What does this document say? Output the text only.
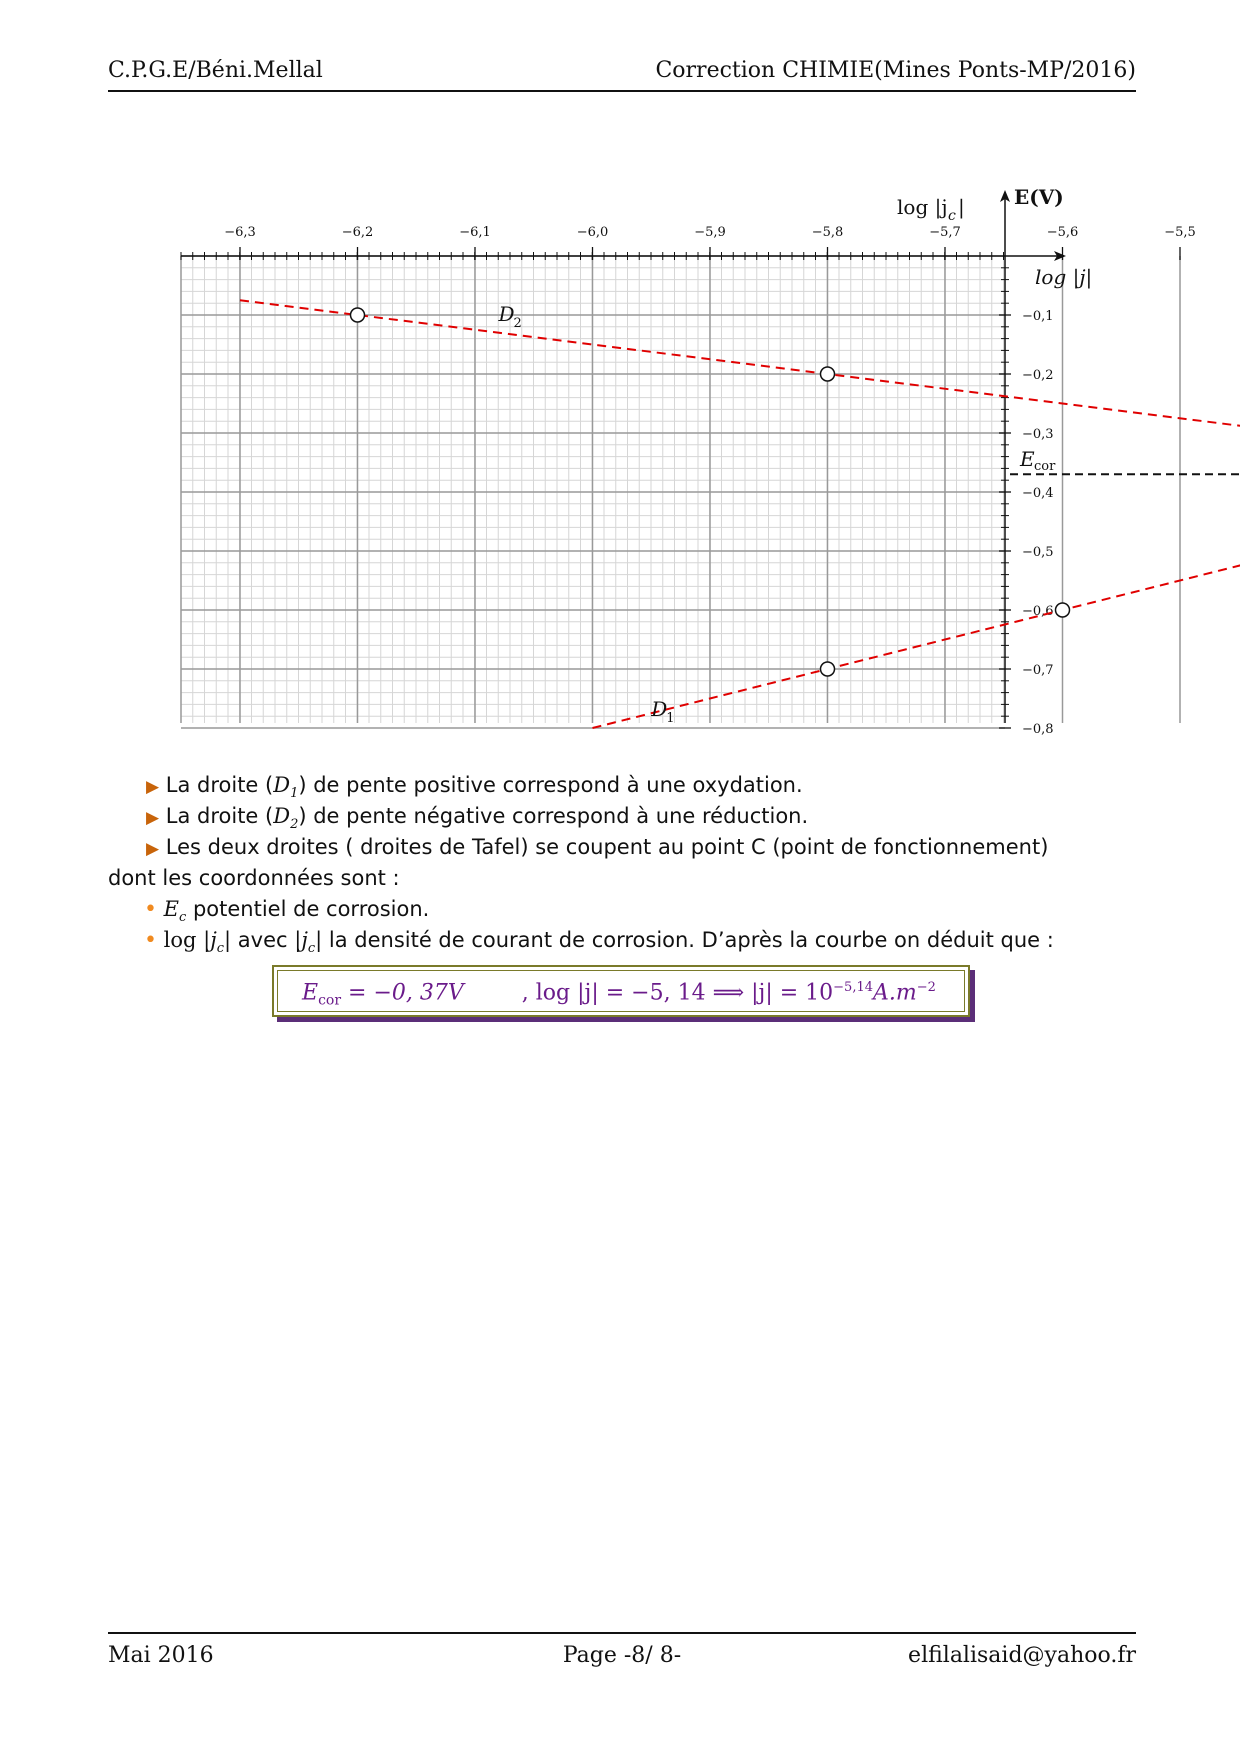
C.P.G.E/Béni.Mellal	Correction CHIMIE(Mines Ponts-MP/2016)
−6,3	−6,2	−6,1	−6,0	−5,9	−5,8	−5,7	−5,6	−5,5
−0,1
−0,2
−0,3
−0,4
−0,5
−0,6
−0,7
−0,8
E(V)
log |j|
D
1
D
2
log |j c |
E cor
▶ La droite $(D_1)$ de pente positive correspond à une oxydation.
▶ La droite $(D_2)$ de pente négative correspond à une réduction.
▶ Les deux droites ( droites de Tafel) se coupent au point C (point de fonctionnement)
dont les coordonnées sont :
• $E_c$ potentiel de corrosion.
• $\log |j_c|$ avec $|j_c|$ la densité de courant de corrosion. D’après la courbe on déduit que :
$E_{cor} = -0$, 37V	, log |j| = −5, 14 ⟹ $|j| = 10^{-5,14}A.m^{-2}$
Mai 2016	Page -8/ 8-	elfilalisaid@yahoo.fr
